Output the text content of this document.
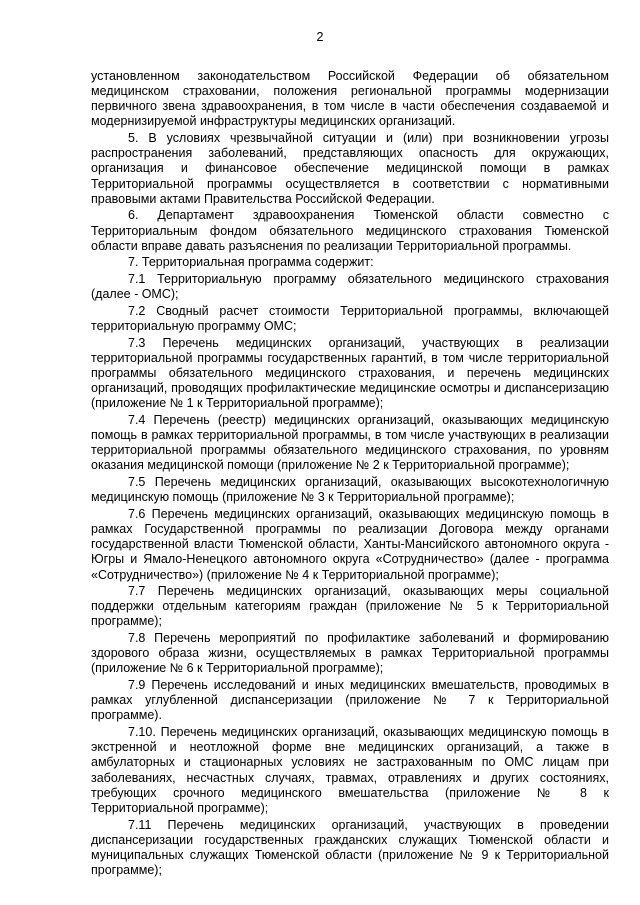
2

установленном законодательством Российской Федерации об обязательном медицинском страховании, положения региональной программы модернизации первичного звена здравоохранения, в том числе в части обеспечения создаваемой и модернизируемой инфраструктуры медицинских организаций.

5. В условиях чрезвычайной ситуации и (или) при возникновении угрозы распространения заболеваний, представляющих опасность для окружающих, организация и финансовое обеспечение медицинской помощи в рамках Территориальной программы осуществляется в соответствии с нормативными правовыми актами Правительства Российской Федерации.

6. Департамент здравоохранения Тюменской области совместно с Территориальным фондом обязательного медицинского страхования Тюменской области вправе давать разъяснения по реализации Территориальной программы.

7. Территориальная программа содержит:

7.1 Территориальную программу обязательного медицинского страхования (далее - ОМС);

7.2 Сводный расчет стоимости Территориальной программы, включающей территориальную программу ОМС;

7.3 Перечень медицинских организаций, участвующих в реализации территориальной программы государственных гарантий, в том числе территориальной программы обязательного медицинского страхования, и перечень медицинских организаций, проводящих профилактические медицинские осмотры и диспансеризацию (приложение № 1 к Территориальной программе);

7.4 Перечень (реестр) медицинских организаций, оказывающих медицинскую помощь в рамках территориальной программы, в том числе участвующих в реализации территориальной программы обязательного медицинского страхования, по уровням оказания медицинской помощи (приложение № 2 к Территориальной программе);

7.5 Перечень медицинских организаций, оказывающих высокотехнологичную медицинскую помощь (приложение № 3 к Территориальной программе);

7.6 Перечень медицинских организаций, оказывающих медицинскую помощь в рамках Государственной программы по реализации Договора между органами государственной власти Тюменской области, Ханты-Мансийского автономного округа - Югры и Ямало-Ненецкого автономного округа «Сотрудничество» (далее - программа «Сотрудничество») (приложение № 4 к Территориальной программе);

7.7 Перечень медицинских организаций, оказывающих меры социальной поддержки отдельным категориям граждан (приложение № 5 к Территориальной программе);

7.8 Перечень мероприятий по профилактике заболеваний и формированию здорового образа жизни, осуществляемых в рамках Территориальной программы (приложение № 6 к Территориальной программе);

7.9 Перечень исследований и иных медицинских вмешательств, проводимых в рамках углубленной диспансеризации (приложение № 7 к Территориальной программе).

7.10. Перечень медицинских организаций, оказывающих медицинскую помощь в экстренной и неотложной форме вне медицинских организаций, а также в амбулаторных и стационарных условиях не застрахованным по ОМС лицам при заболеваниях, несчастных случаях, травмах, отравлениях и других состояниях, требующих срочного медицинского вмешательства (приложение № 8 к Территориальной программе);

7.11 Перечень медицинских организаций, участвующих в проведении диспансеризации государственных гражданских служащих Тюменской области и муниципальных служащих Тюменской области (приложение № 9 к Территориальной программе);
